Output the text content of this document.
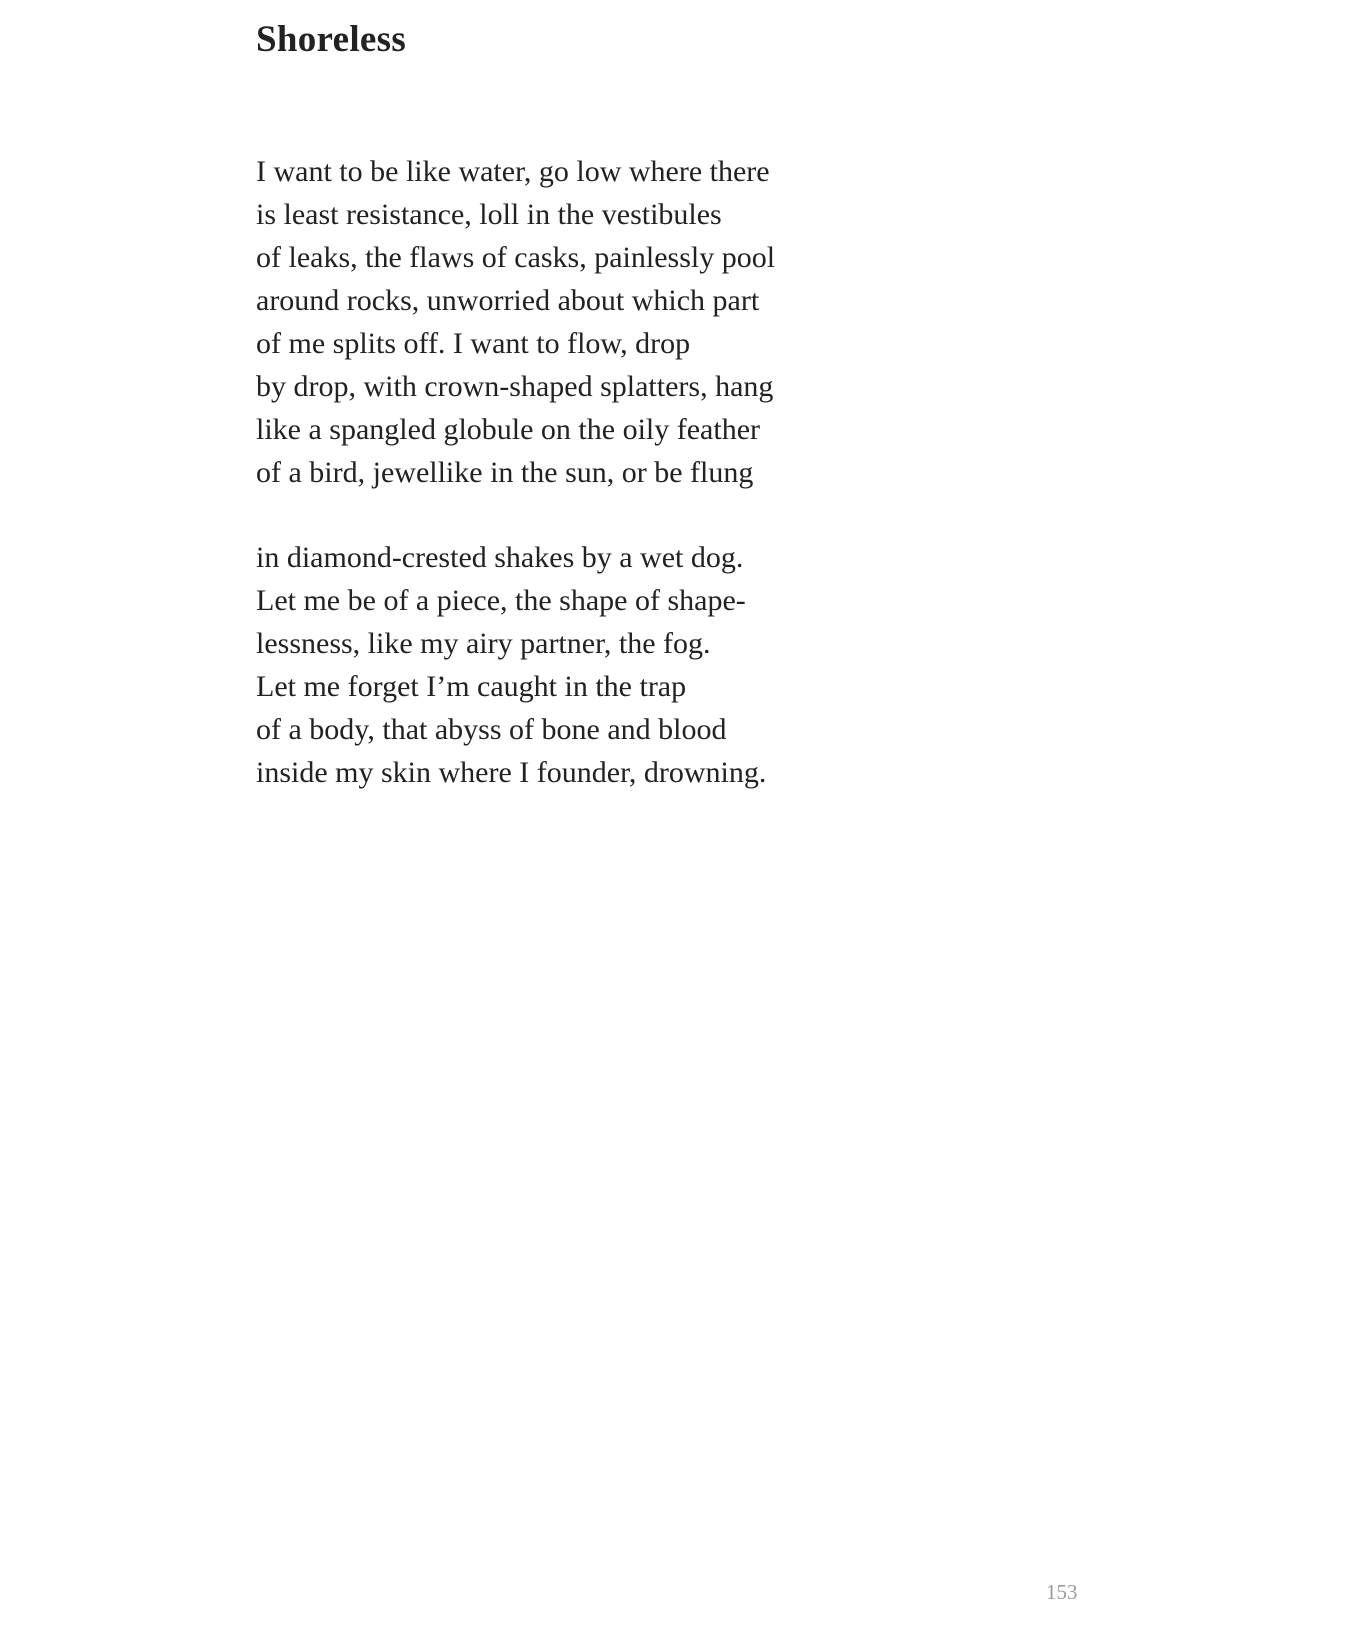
Shoreless
I want to be like water, go low where there
is least resistance, loll in the vestibules
of leaks, the flaws of casks, painlessly pool
around rocks, unworried about which part
of me splits off. I want to flow, drop
by drop, with crown-shaped splatters, hang
like a spangled globule on the oily feather
of a bird, jewellike in the sun, or be flung
in diamond-crested shakes by a wet dog.
Let me be of a piece, the shape of shape-
lessness, like my airy partner, the fog.
Let me forget I’m caught in the trap
of a body, that abyss of bone and blood
inside my skin where I founder, drowning.
153
